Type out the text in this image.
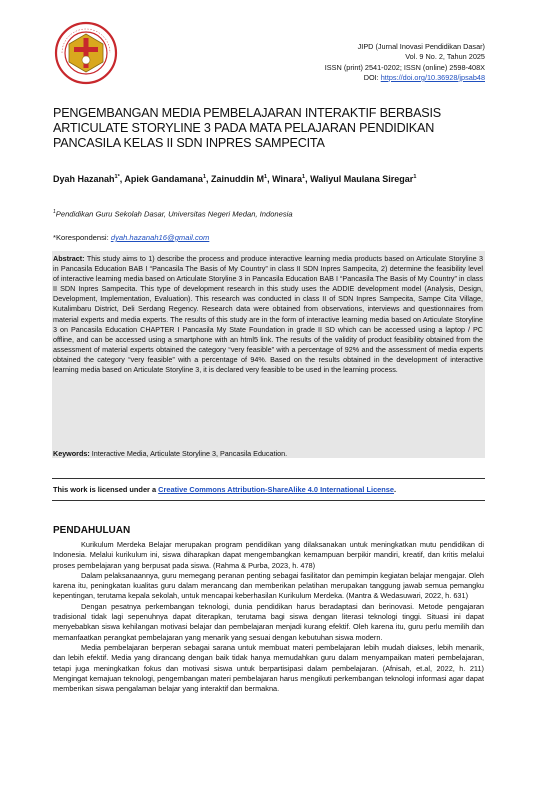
JIPD (Jurnal Inovasi Pendidikan Dasar)
Vol. 9 No. 2, Tahun 2025
ISSN (print) 2541-0202; ISSN (online) 2598-408X
DOI: https://doi.org/10.36928/jpsab48
PENGEMBANGAN MEDIA PEMBELAJARAN INTERAKTIF BERBASIS ARTICULATE STORYLINE 3 PADA MATA PELAJARAN PENDIDIKAN PANCASILA KELAS II SDN INPRES SAMPECITA
Dyah Hazanah$^{1*}$, Apiek Gandamana$^1$, Zainuddin $M^1$, Winara$^1$, Waliyul Maulana Siregar$^1$
$^1$Pendidikan Guru Sekolah Dasar, Universitas Negeri Medan, Indonesia
*Korespondensi: dyah.hazanah16@gmail.com
Abstract: This study aims to 1) describe the process and produce interactive learning media products based on Articulate Storyline 3 in Pancasila Education BAB I “Pancasila The Basis of My Country” in class II SDN Inpres Sampecita, 2) determine the feasibility level of interactive learning media based on Articulate Storyline 3 in Pancasila Education BAB I “Pancasila The Basis of My Country” in class II SDN Inpres Sampecita. This type of development research in this study uses the ADDIE development model (Analysis, Design, Development, Implementation, Evaluation). This research was conducted in class II of SDN Inpres Sampecita, Sampe Cita Village, Kutalimbaru District, Deli Serdang Regency. Research data were obtained from observations, interviews and questionnaires from material experts and media experts. The results of this study are in the form of interactive learning media based on Articulate Storyline 3 on Pancasila Education CHAPTER I Pancasila My State Foundation in grade II SD which can be accessed using a laptop / PC offline, and can be accessed using a smartphone with an html5 link. The results of the validity of product feasibility obtained from the assessment of material experts obtained the category “very feasible” with a percentage of 92% and the assessment of media experts obtained the category “very feasible” with a percentage of 94%. Based on the results obtained in the development of interactive learning media based on Articulate Storyline 3, it is declared very feasible to be used in the learning process.
Keywords: Interactive Media, Articulate Storyline 3, Pancasila Education.
This work is licensed under a Creative Commons Attribution-ShareAlike 4.0 International License.
PENDAHULUAN

Kurikulum Merdeka Belajar merupakan program pendidikan yang dilaksanakan untuk meningkatkan mutu pendidikan di Indonesia. Melalui kurikulum ini, siswa diharapkan dapat mengembangkan kemampuan berpikir mandiri, kreatif, dan kritis melalui proses pembelajaran yang berpusat pada siswa. (Rahma & Purba, 2023, h. 478)

Dalam pelaksanaannya, guru memegang peranan penting sebagai fasilitator dan pemimpin kegiatan belajar mengajar. Oleh karena itu, peningkatan kualitas guru dalam merancang dan memberikan pelatihan merupakan tanggung jawab semua pemangku kepentingan, terutama kepala sekolah, untuk mencapai keberhasilan Kurikulum Merdeka. (Mantra & Wedasuwari, 2022, h. 631)

Dengan pesatnya perkembangan teknologi, dunia pendidikan harus beradaptasi dan berinovasi. Metode pengajaran tradisional tidak lagi sepenuhnya dapat diterapkan, terutama bagi siswa dengan literasi teknologi tinggi. Situasi ini dapat menyebabkan siswa kehilangan motivasi belajar dan pembelajaran menjadi kurang efektif. Oleh karena itu, guru perlu memilih dan memanfaatkan perangkat pembelajaran yang menarik yang sesuai dengan kebutuhan siswa modern.

Media pembelajaran berperan sebagai sarana untuk membuat materi pembelajaran lebih mudah diakses, lebih menarik, dan lebih efektif. Media yang dirancang dengan baik tidak hanya memudahkan guru dalam menyampaikan materi pembelajaran, tetapi juga meningkatkan fokus dan motivasi siswa untuk berpartisipasi dalam pembelajaran. (Afnisah, et.al, 2022, h. 211) Mengingat kemajuan teknologi, pengembangan materi pembelajaran harus mengikuti perkembangan teknologi informasi agar dapat memberikan siswa pengalaman belajar yang interaktif dan bermakna.
